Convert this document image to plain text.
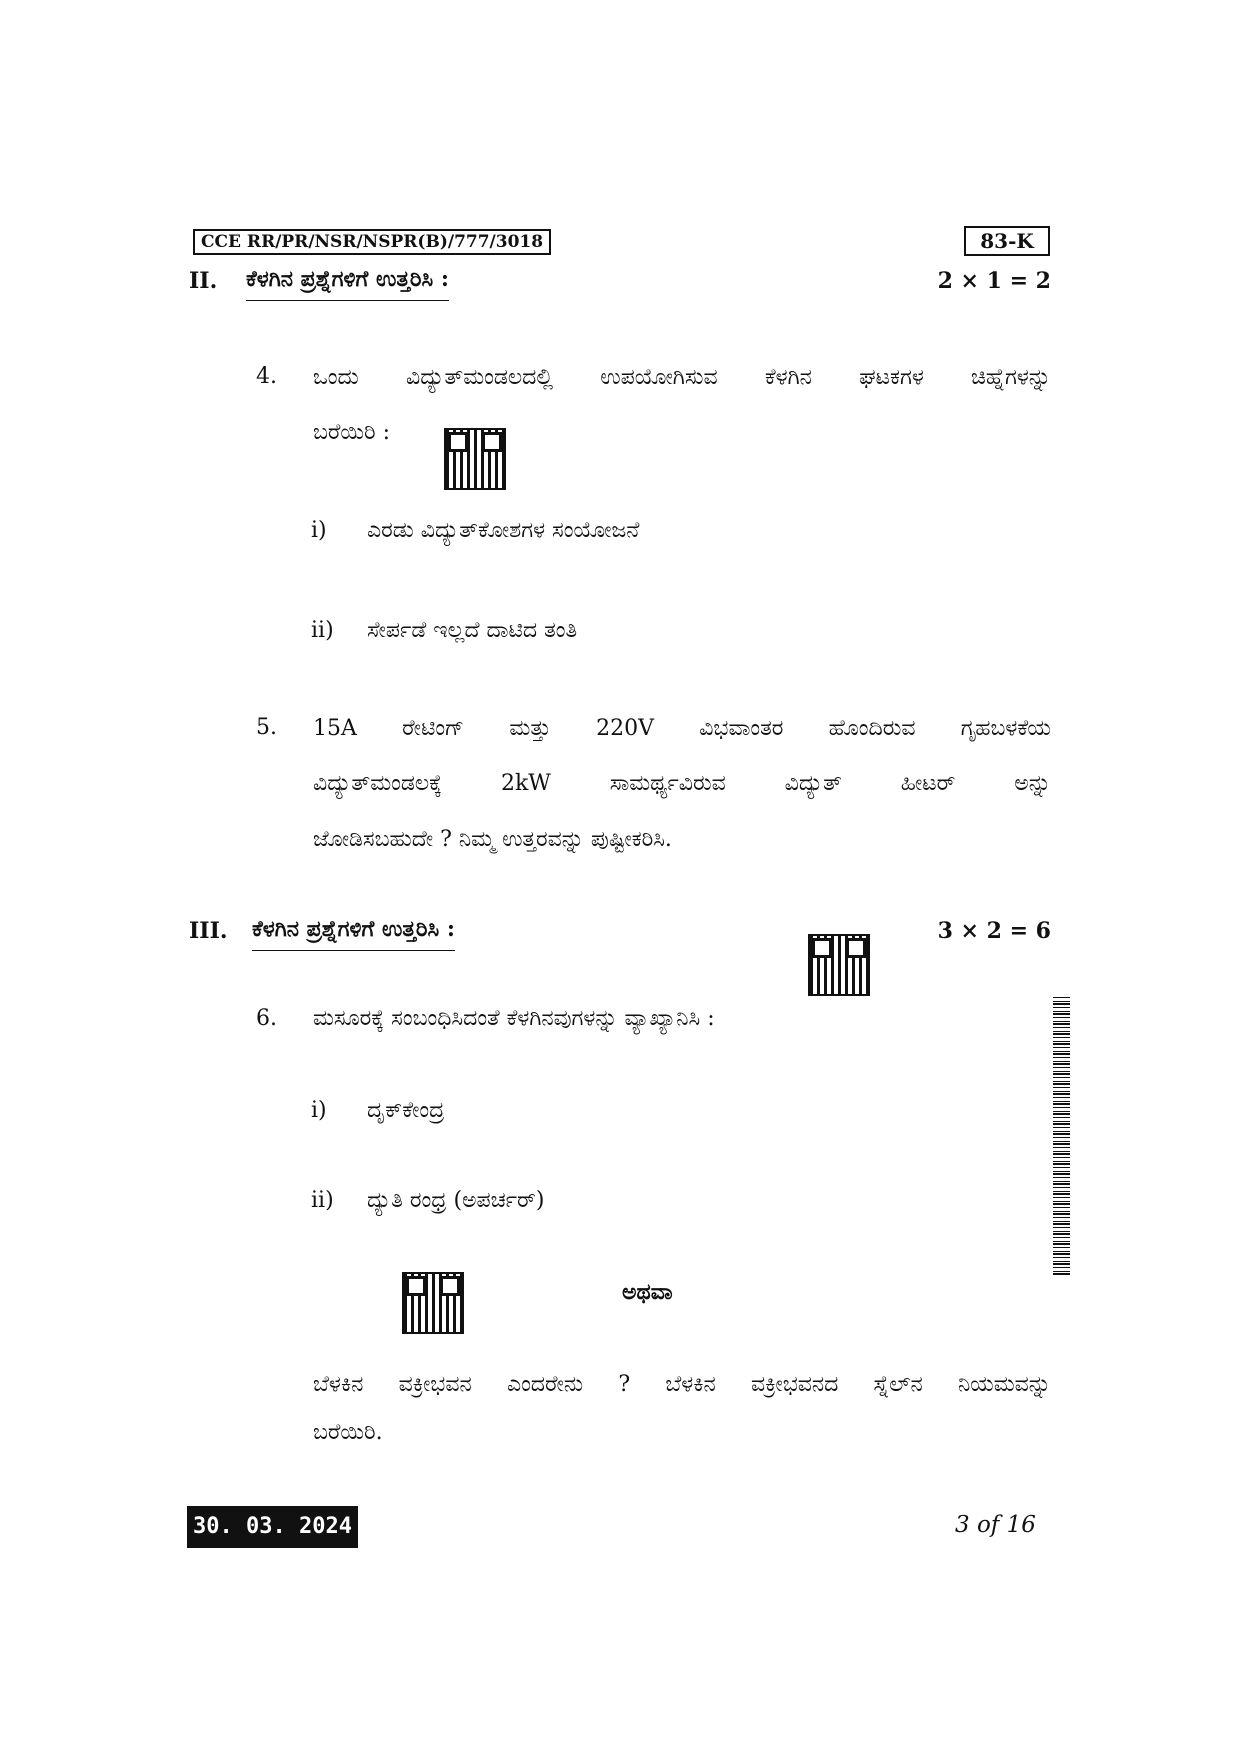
CCE RR/PR/NSR/NSPR(B)/777/3018	83-K
II. ಕೆಳಗಿನ ಪ್ರಶ್ನೆಗಳಿಗೆ ಉತ್ತರಿಸಿ :	2 × 1 = 2
4. ಒಂದು ವಿದ್ಯುತ್‌ಮಂಡಲದಲ್ಲಿ ಉಪಯೋಗಿಸುವ ಕೆಳಗಿನ ಘಟಕಗಳ ಚಿಹ್ನೆಗಳನ್ನು
ಬರೆಯಿರಿ :
i) ಎರಡು ವಿದ್ಯುತ್‌ಕೋಶಗಳ ಸಂಯೋಜನೆ
ii) ಸೇರ್ಪಡೆ ಇಲ್ಲದೆ ದಾಟಿದ ತಂತಿ
5. 15A ರೇಟಿಂಗ್ ಮತ್ತು 220V ವಿಭವಾಂತರ ಹೊಂದಿರುವ ಗೃಹಬಳಕೆಯ
ವಿದ್ಯುತ್‌ಮಂಡಲಕ್ಕೆ 2kW ಸಾಮರ್ಥ್ಯವಿರುವ ವಿದ್ಯುತ್ ಹೀಟರ್ ಅನ್ನು
ಜೋಡಿಸಬಹುದೇ ? ನಿಮ್ಮ ಉತ್ತರವನ್ನು ಪುಷ್ಟೀಕರಿಸಿ.
III. ಕೆಳಗಿನ ಪ್ರಶ್ನೆಗಳಿಗೆ ಉತ್ತರಿಸಿ :	3 × 2 = 6
6. ಮಸೂರಕ್ಕೆ ಸಂಬಂಧಿಸಿದಂತೆ ಕೆಳಗಿನವುಗಳನ್ನು ವ್ಯಾಖ್ಯಾನಿಸಿ :
i) ದೃಕ್‌ಕೇಂದ್ರ
ii) ದ್ಯುತಿ ರಂಧ್ರ (ಅಪರ್ಚರ್)
ಅಥವಾ
ಬೆಳಕಿನ ವಕ್ರೀಭವನ ಎಂದರೇನು ? ಬೆಳಕಿನ ವಕ್ರೀಭವನದ ಸ್ನೆಲ್‌ನ ನಿಯಮವನ್ನು
ಬರೆಯಿರಿ.
30. 03. 2024	3 of 16
